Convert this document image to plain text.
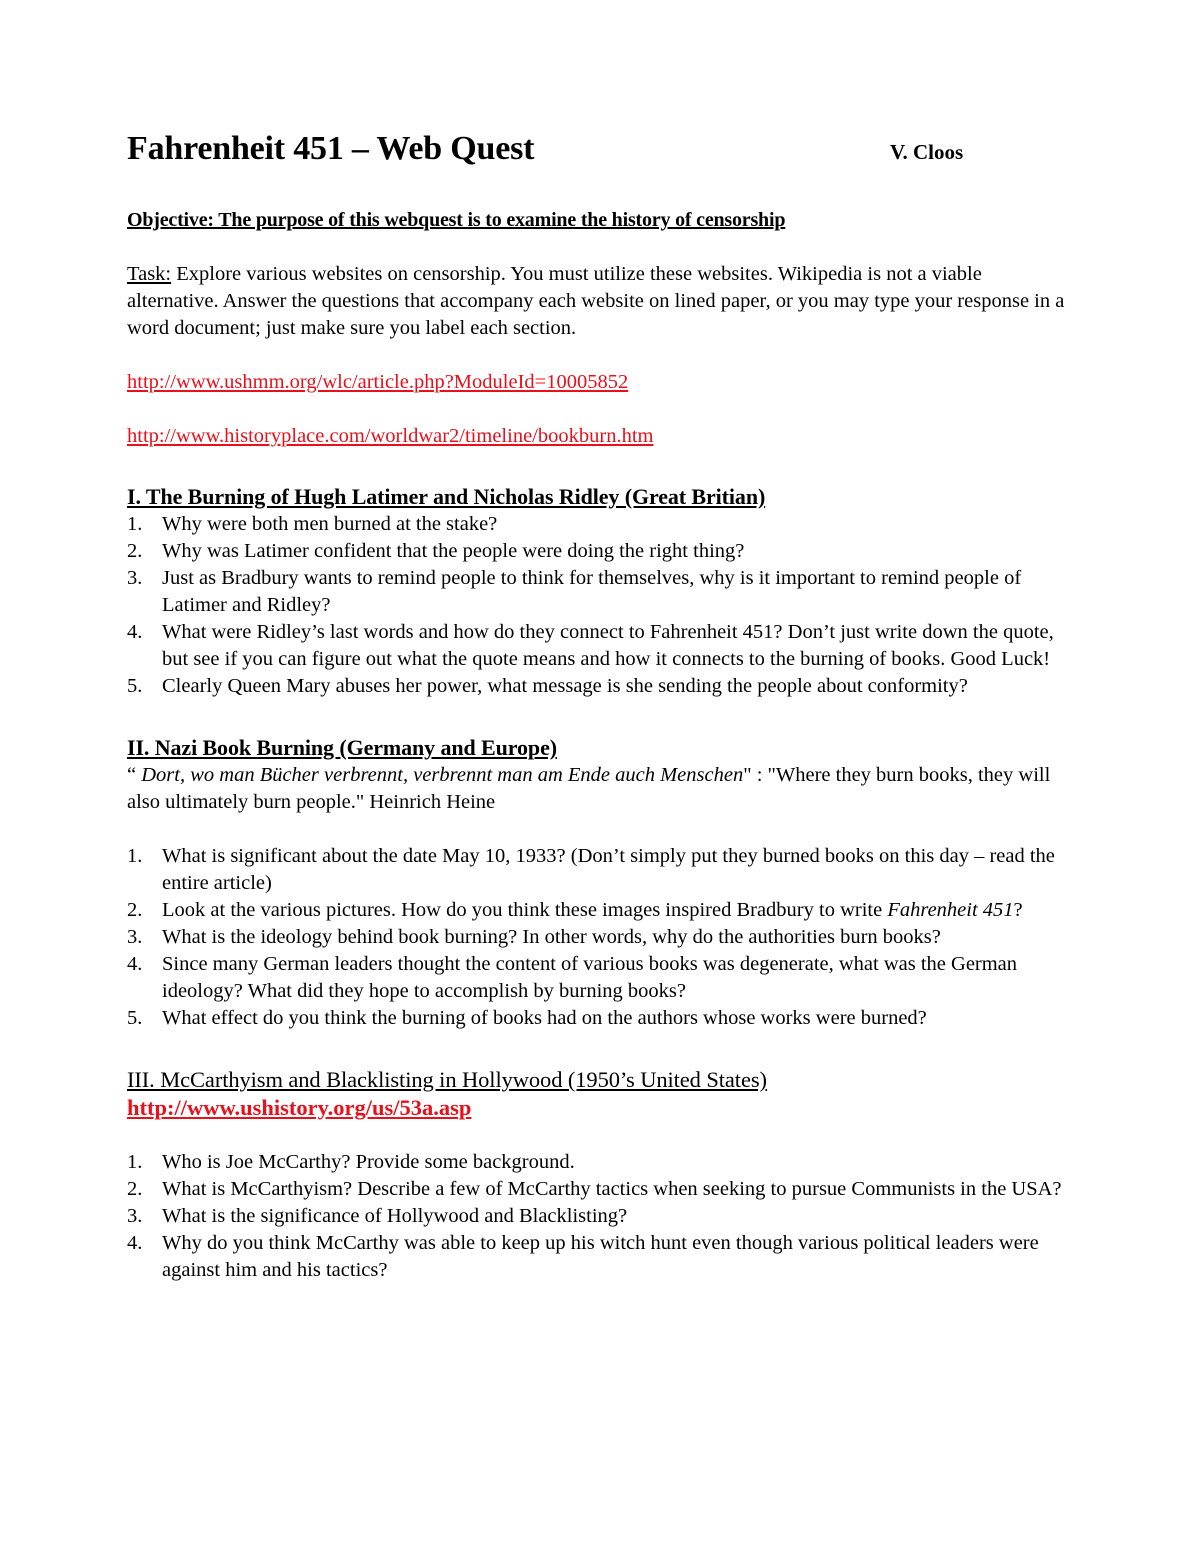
Fahrenheit 451 – Web Quest	V. Cloos
Objective: The purpose of this webquest is to examine the history of censorship
Task: Explore various websites on censorship. You must utilize these websites. Wikipedia is not a viable alternative. Answer the questions that accompany each website on lined paper, or you may type your response in a word document; just make sure you label each section.
http://www.ushmm.org/wlc/article.php?ModuleId=10005852
http://www.historyplace.com/worldwar2/timeline/bookburn.htm
I. The Burning of Hugh Latimer and Nicholas Ridley (Great Britian)
1. Why were both men burned at the stake?
2. Why was Latimer confident that the people were doing the right thing?
3. Just as Bradbury wants to remind people to think for themselves, why is it important to remind people of Latimer and Ridley?
4. What were Ridley’s last words and how do they connect to Fahrenheit 451? Don’t just write down the quote, but see if you can figure out what the quote means and how it connects to the burning of books. Good Luck!
5. Clearly Queen Mary abuses her power, what message is she sending the people about conformity?
II. Nazi Book Burning (Germany and Europe)
“ Dort, wo man Bücher verbrennt, verbrennt man am Ende auch Menschen" : "Where they burn books, they will also ultimately burn people." Heinrich Heine
1. What is significant about the date May 10, 1933? (Don’t simply put they burned books on this day – read the entire article)
2. Look at the various pictures. How do you think these images inspired Bradbury to write Fahrenheit 451?
3. What is the ideology behind book burning? In other words, why do the authorities burn books?
4. Since many German leaders thought the content of various books was degenerate, what was the German ideology? What did they hope to accomplish by burning books?
5. What effect do you think the burning of books had on the authors whose works were burned?
III. McCarthyism and Blacklisting in Hollywood (1950’s United States)
http://www.ushistory.org/us/53a.asp
1. Who is Joe McCarthy? Provide some background.
2. What is McCarthyism? Describe a few of McCarthy tactics when seeking to pursue Communists in the USA?
3. What is the significance of Hollywood and Blacklisting?
4. Why do you think McCarthy was able to keep up his witch hunt even though various political leaders were against him and his tactics?
